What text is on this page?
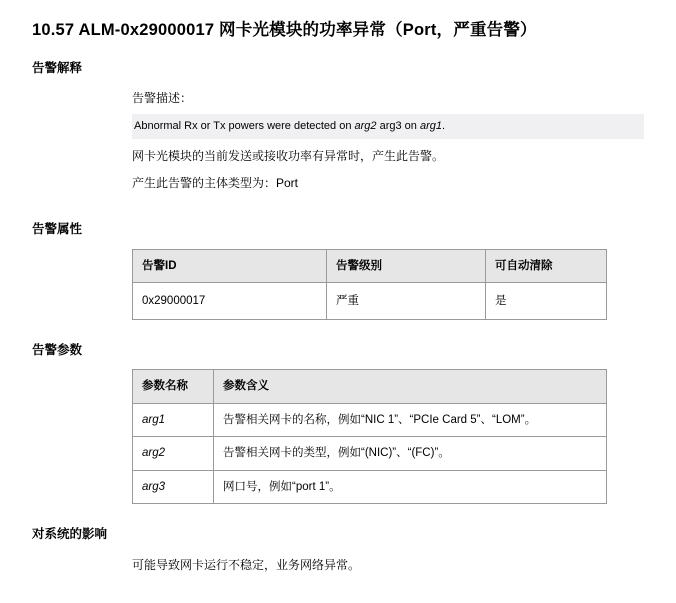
10.57 ALM-0x29000017 网卡光模块的功率异常（Port，严重告警）
告警解释
告警描述：
Abnormal Rx or Tx powers were detected on arg2 arg3 on arg1.
网卡光模块的当前发送或接收功率有异常时，产生此告警。
产生此告警的主体类型为：Port
告警属性
告警ID	告警级别	可自动清除
0x29000017	严重	是
告警参数
参数名称	参数含义
arg1	告警相关网卡的名称，例如“NIC 1”、“PCIe Card 5”、“LOM”。
arg2	告警相关网卡的类型，例如“(NIC)”、“(FC)”。
arg3	网口号，例如“port 1”。
对系统的影响
可能导致网卡运行不稳定，业务网络异常。
